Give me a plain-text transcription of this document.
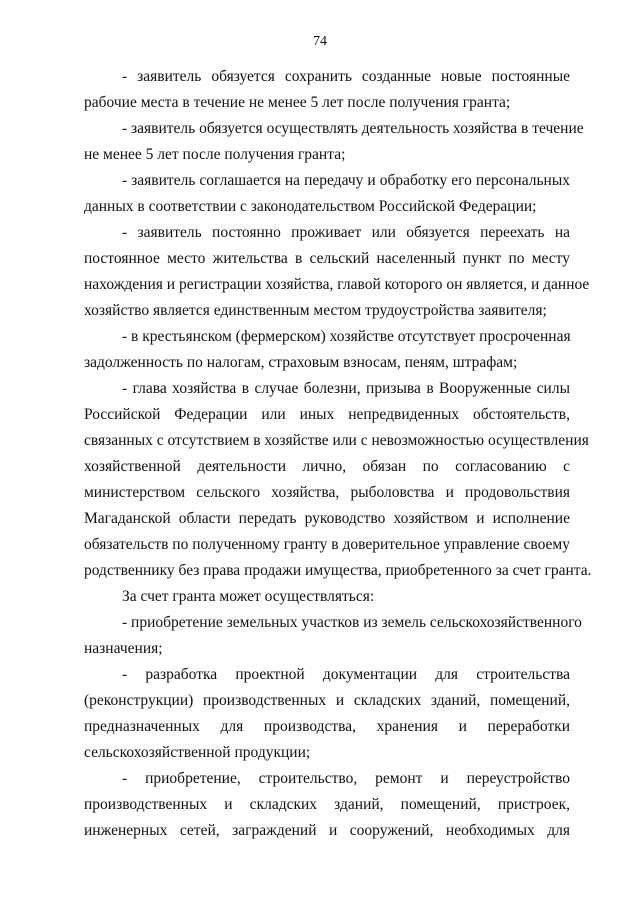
74
- заявитель обязуется сохранить созданные новые постоянные
рабочие места в течение не менее 5 лет после получения гранта;
- заявитель обязуется осуществлять деятельность хозяйства в течение
не менее 5 лет после получения гранта;
- заявитель соглашается на передачу и обработку его персональных
данных в соответствии с законодательством Российской Федерации;
- заявитель постоянно проживает или обязуется переехать на
постоянное место жительства в сельский населенный пункт по месту
нахождения и регистрации хозяйства, главой которого он является, и данное
хозяйство является единственным местом трудоустройства заявителя;
- в крестьянском (фермерском) хозяйстве отсутствует просроченная
задолженность по налогам, страховым взносам, пеням, штрафам;
- глава хозяйства в случае болезни, призыва в Вооруженные силы
Российской Федерации или иных непредвиденных обстоятельств,
связанных с отсутствием в хозяйстве или с невозможностью осуществления
хозяйственной деятельности лично, обязан по согласованию с
министерством сельского хозяйства, рыболовства и продовольствия
Магаданской области передать руководство хозяйством и исполнение
обязательств по полученному гранту в доверительное управление своему
родственнику без права продажи имущества, приобретенного за счет гранта.
За счет гранта может осуществляться:
- приобретение земельных участков из земель сельскохозяйственного
назначения;
- разработка проектной документации для строительства
(реконструкции) производственных и складских зданий, помещений,
предназначенных для производства, хранения и переработки
сельскохозяйственной продукции;
- приобретение, строительство, ремонт и переустройство
производственных и складских зданий, помещений, пристроек,
инженерных сетей, заграждений и сооружений, необходимых для
